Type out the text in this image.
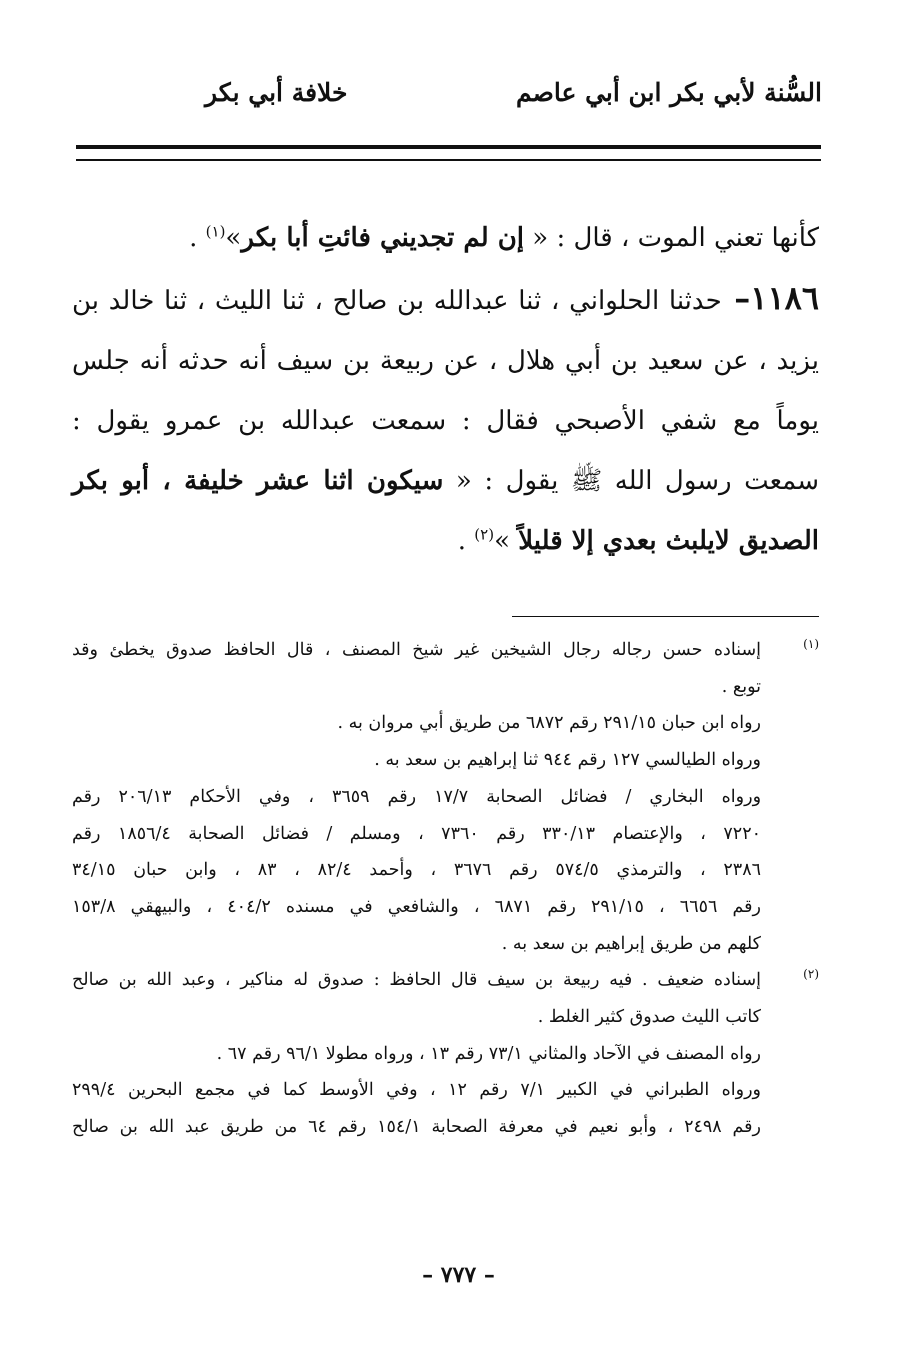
السُّنة لأبي بكر ابن أبي عاصم
خلافة أبي بكر

كأنها تعني الموت ، قال : « إن لم تجديني فائتِ أبا بكر»$^{(١)}$ .

١١٨٦– حدثنا الحلواني ، ثنا عبدالله بن صالح ، ثنا الليث ، ثنا خالد بن يزيد ، عن سعيد بن أبي هلال ، عن ربيعة بن سيف أنه حدثه أنه جلس يوماً مع شفي الأصبحي فقال : سمعت عبدالله بن عمرو يقول : سمعت رسول الله ﷺ يقول : « سيكون اثنا عشر خليفة ، أبو بكر الصديق لايلبث بعدي إلا قليلاً »$^{(٢)}$ .

(١)
إسناده حسن رجاله رجال الشيخين غير شيخ المصنف ، قال الحافظ صدوق يخطئ وقد
توبع .
رواه ابن حبان ٢٩١/١٥ رقم ٦٨٧٢ من طريق أبي مروان به .
ورواه الطيالسي ١٢٧ رقم ٩٤٤ ثنا إبراهيم بن سعد به .
ورواه البخاري / فضائل الصحابة ١٧/٧ رقم ٣٦٥٩ ، وفي الأحكام ٢٠٦/١٣ رقم
٧٢٢٠ ، والإعتصام ٣٣٠/١٣ رقم ٧٣٦٠ ، ومسلم / فضائل الصحابة ١٨٥٦/٤ رقم
٢٣٨٦ ، والترمذي ٥٧٤/٥ رقم ٣٦٧٦ ، وأحمد ٨٢/٤ ، ٨٣ ، وابن حبان ٣٤/١٥
رقم ٦٦٥٦ ، ٢٩١/١٥ رقم ٦٨٧١ ، والشافعي في مسنده ٤٠٤/٢ ، والبيهقي ١٥٣/٨
كلهم من طريق إبراهيم بن سعد به .
(٢)
إسناده ضعيف . فيه ربيعة بن سيف قال الحافظ : صدوق له مناكير ، وعبد الله بن صالح
كاتب الليث صدوق كثير الغلط .
رواه المصنف في الآحاد والمثاني ٧٣/١ رقم ١٣ ، ورواه مطولا ٩٦/١ رقم ٦٧ .
ورواه الطبراني في الكبير ٧/١ رقم ١٢ ، وفي الأوسط كما في مجمع البحرين ٢٩٩/٤
رقم ٢٤٩٨ ، وأبو نعيم في معرفة الصحابة ١٥٤/١ رقم ٦٤ من طريق عبد الله بن صالح
– ٧٧٧ –
